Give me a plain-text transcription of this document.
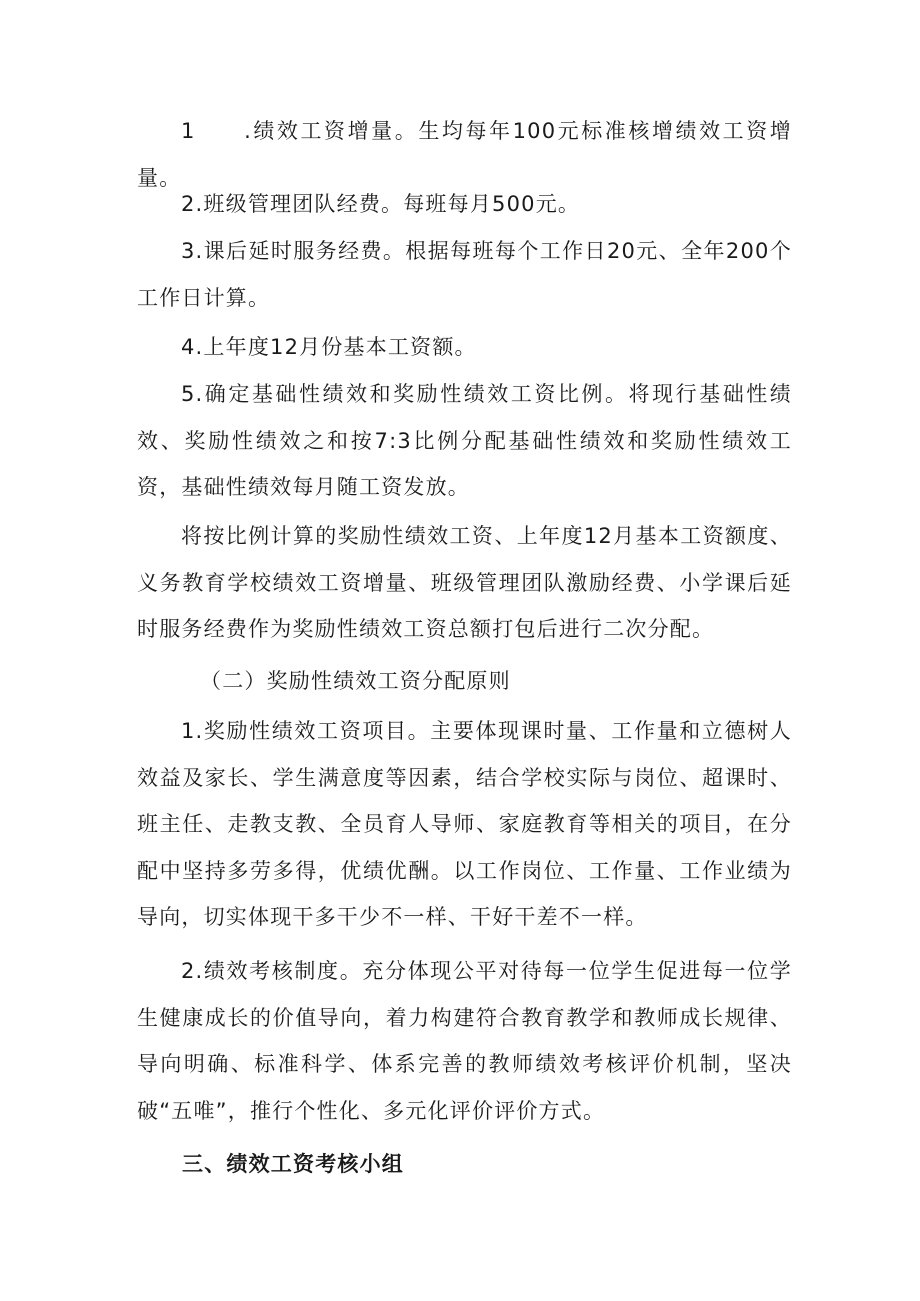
1　　.绩效工资增量。生均每年100元标准核增绩效工资增量。

2.班级管理团队经费。每班每月500元。

3.课后延时服务经费。根据每班每个工作日20元、全年200个工作日计算。

4.上年度12月份基本工资额。

5.确定基础性绩效和奖励性绩效工资比例。将现行基础性绩效、奖励性绩效之和按7:3比例分配基础性绩效和奖励性绩效工资，基础性绩效每月随工资发放。

将按比例计算的奖励性绩效工资、上年度12月基本工资额度、义务教育学校绩效工资增量、班级管理团队激励经费、小学课后延时服务经费作为奖励性绩效工资总额打包后进行二次分配。

（二）奖励性绩效工资分配原则

1.奖励性绩效工资项目。主要体现课时量、工作量和立德树人效益及家长、学生满意度等因素，结合学校实际与岗位、超课时、班主任、走教支教、全员育人导师、家庭教育等相关的项目，在分配中坚持多劳多得，优绩优酬。以工作岗位、工作量、工作业绩为导向，切实体现干多干少不一样、干好干差不一样。

2.绩效考核制度。充分体现公平对待每一位学生促进每一位学生健康成长的价值导向，着力构建符合教育教学和教师成长规律、导向明确、标准科学、体系完善的教师绩效考核评价机制，坚决破“五唯”，推行个性化、多元化评价评价方式。

三、绩效工资考核小组
